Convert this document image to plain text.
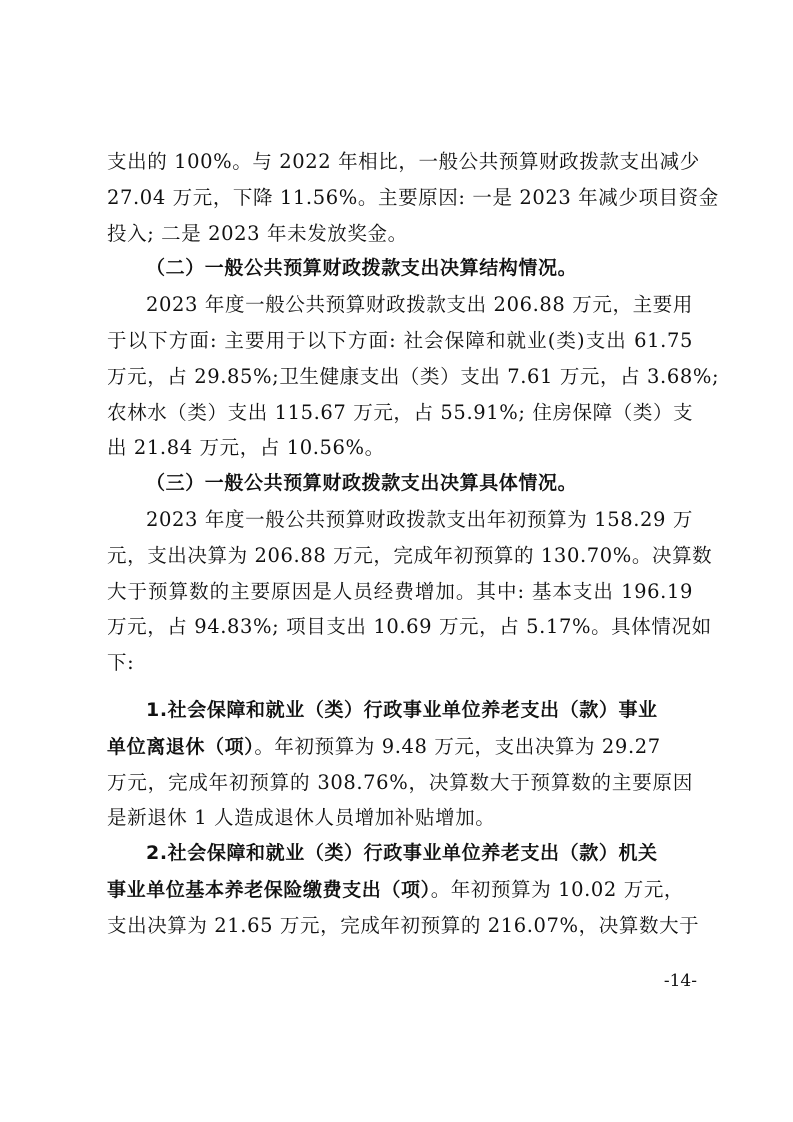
支出的 100%。与 2022 年相比，一般公共预算财政拨款支出减少
27.04 万元，下降 11.56%。主要原因: 一是 2023 年减少项目资金
投入; 二是 2023 年未发放奖金。
（二）一般公共预算财政拨款支出决算结构情况。
2023 年度一般公共预算财政拨款支出 206.88 万元，主要用
于以下方面: 主要用于以下方面: 社会保障和就业(类)支出 61.75
万元，占 29.85%;卫生健康支出（类）支出 7.61 万元，占 3.68%;
农林水（类）支出 115.67 万元，占 55.91%; 住房保障（类）支
出 21.84 万元，占 10.56%。
（三）一般公共预算财政拨款支出决算具体情况。
2023 年度一般公共预算财政拨款支出年初预算为 158.29 万
元，支出决算为 206.88 万元，完成年初预算的 130.70%。决算数
大于预算数的主要原因是人员经费增加。其中: 基本支出 196.19
万元，占 94.83%; 项目支出 10.69 万元，占 5.17%。具体情况如
下:
1.社会保障和就业（类）行政事业单位养老支出（款）事业
单位离退休（项）。年初预算为 9.48 万元，支出决算为 29.27
万元，完成年初预算的 308.76%，决算数大于预算数的主要原因
是新退休 1 人造成退休人员增加补贴增加。
2.社会保障和就业（类）行政事业单位养老支出（款）机关
事业单位基本养老保险缴费支出（项）。年初预算为 10.02 万元，
支出决算为 21.65 万元，完成年初预算的 216.07%，决算数大于
-14-
